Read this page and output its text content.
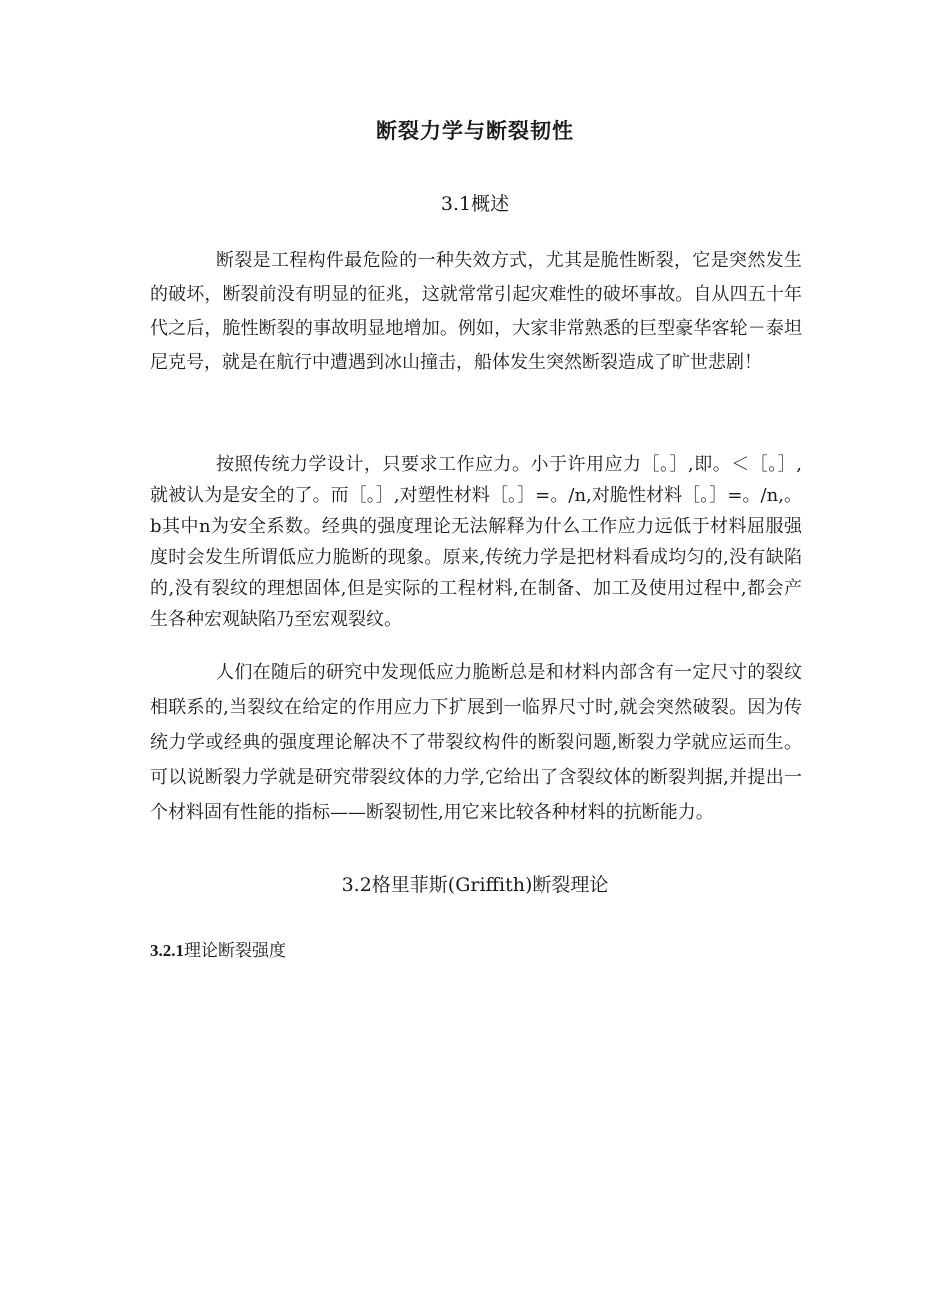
断裂力学与断裂韧性
3.1概述

断裂是工程构件最危险的一种失效方式，尤其是脆性断裂，它是突然发生的破坏，断裂前没有明显的征兆，这就常常引起灾难性的破坏事故。自从四五十年代之后，脆性断裂的事故明显地增加。例如，大家非常熟悉的巨型豪华客轮－泰坦尼克号，就是在航行中遭遇到冰山撞击，船体发生突然断裂造成了旷世悲剧！

按照传统力学设计，只要求工作应力。小于许用应力［。］,即。＜［。］,就被认为是安全的了。而［。］,对塑性材料［。］=。/n,对脆性材料［。］=。/n,。b其中n为安全系数。经典的强度理论无法解释为什么工作应力远低于材料屈服强度时会发生所谓低应力脆断的现象。原来,传统力学是把材料看成均匀的,没有缺陷的,没有裂纹的理想固体,但是实际的工程材料,在制备、加工及使用过程中,都会产生各种宏观缺陷乃至宏观裂纹。

人们在随后的研究中发现低应力脆断总是和材料内部含有一定尺寸的裂纹相联系的,当裂纹在给定的作用应力下扩展到一临界尺寸时,就会突然破裂。因为传统力学或经典的强度理论解决不了带裂纹构件的断裂问题,断裂力学就应运而生。可以说断裂力学就是研究带裂纹体的力学,它给出了含裂纹体的断裂判据,并提出一个材料固有性能的指标——断裂韧性,用它来比较各种材料的抗断能力。

3.2格里菲斯(Griffith)断裂理论
3.2.1理论断裂强度
